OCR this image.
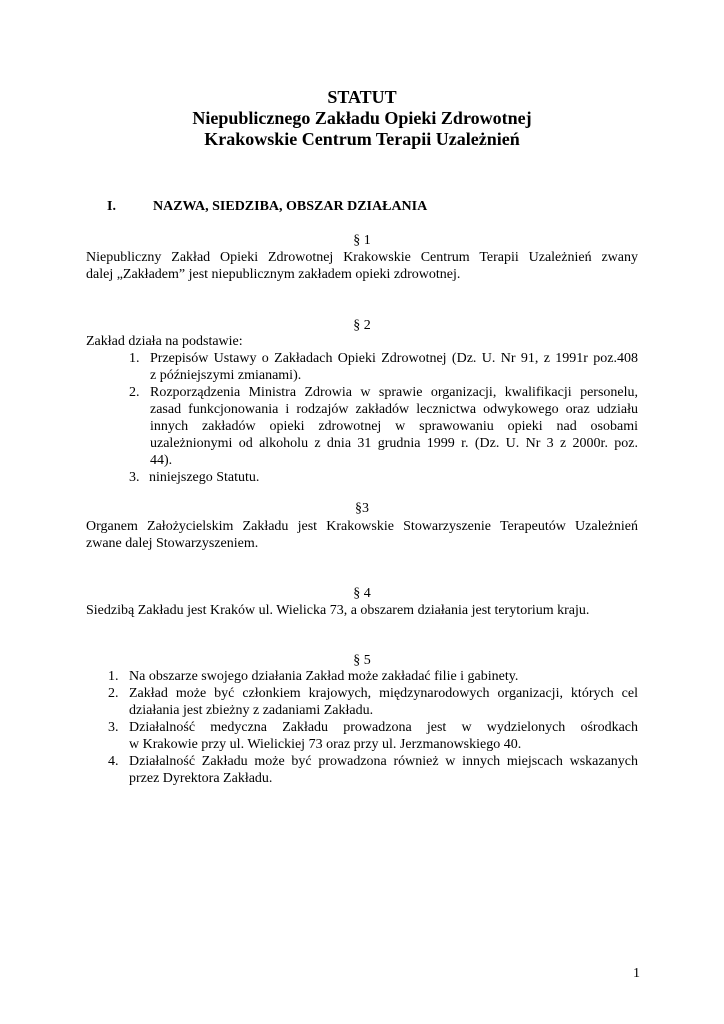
STATUT
Niepublicznego Zakładu Opieki Zdrowotnej
Krakowskie Centrum Terapii Uzależnień
I.	NAZWA, SIEDZIBA, OBSZAR DZIAŁANIA
§ 1
Niepubliczny Zakład Opieki Zdrowotnej Krakowskie Centrum Terapii Uzależnień zwany
dalej „Zakładem” jest niepublicznym zakładem opieki zdrowotnej.
§ 2
Zakład działa na podstawie:
1. Przepisów Ustawy o Zakładach Opieki Zdrowotnej (Dz. U. Nr 91, z 1991r poz.408
z późniejszymi zmianami).
2. Rozporządzenia Ministra Zdrowia w sprawie organizacji, kwalifikacji personelu,
zasad funkcjonowania i rodzajów zakładów lecznictwa odwykowego oraz udziału
innych zakładów opieki zdrowotnej w sprawowaniu opieki nad osobami
uzależnionymi od alkoholu z dnia 31 grudnia 1999 r. (Dz. U. Nr 3 z 2000r. poz.
44).
3. niniejszego Statutu.
§3
Organem Założycielskim Zakładu jest Krakowskie Stowarzyszenie Terapeutów Uzależnień
zwane dalej Stowarzyszeniem.
§ 4
Siedzibą Zakładu jest Kraków ul. Wielicka 73, a obszarem działania jest terytorium kraju.
§ 5
1. Na obszarze swojego działania Zakład może zakładać filie i gabinety.
2. Zakład może być członkiem krajowych, międzynarodowych organizacji, których cel
działania jest zbieżny z zadaniami Zakładu.
3. Działalność medyczna Zakładu prowadzona jest w wydzielonych ośrodkach
w Krakowie przy ul. Wielickiej 73 oraz przy ul. Jerzmanowskiego 40.
4. Działalność Zakładu może być prowadzona również w innych miejscach wskazanych
przez Dyrektora Zakładu.
1
